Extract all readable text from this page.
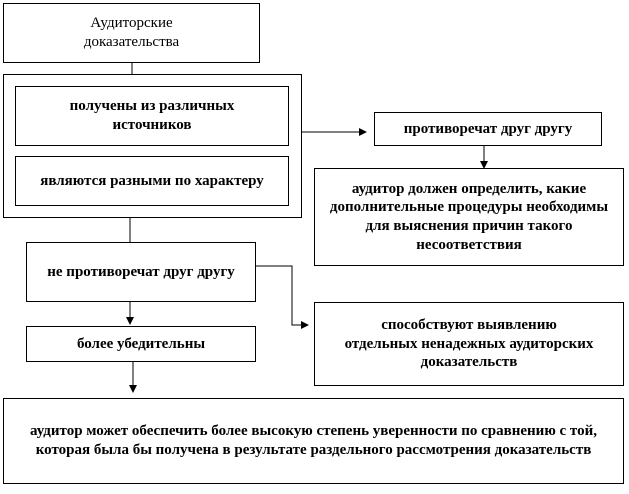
Аудиторские доказательства
получены из различных источников
являются разными по характеру
противоречат друг другу
аудитор должен определить, какие дополнительные процедуры необходимы для выяснения причин такого несоответствия
не противоречат друг другу
способствуют выявлению отдельных ненадежных аудиторских доказательств
более убедительны
аудитор может обеспечить более высокую степень уверенности по сравнению с той, которая была бы получена в результате раздельного рассмотрения доказательств
